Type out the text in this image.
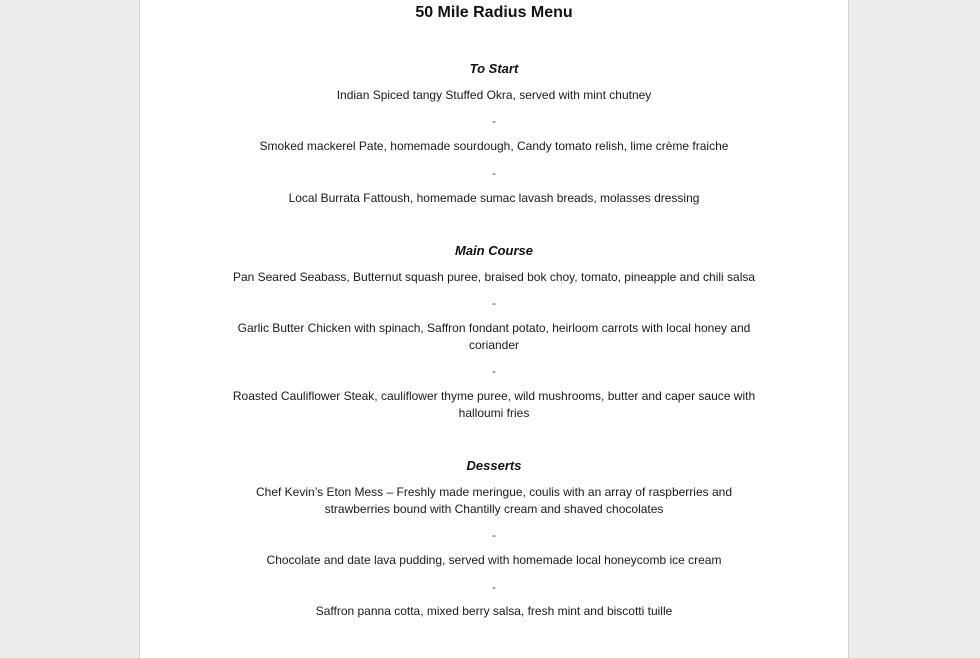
50 Mile Radius Menu
To Start
Indian Spiced tangy Stuffed Okra, served with mint chutney
-
Smoked mackerel Pate, homemade sourdough, Candy tomato relish, lime crème fraiche
-
Local Burrata Fattoush, homemade sumac lavash breads, molasses dressing
Main Course
Pan Seared Seabass, Butternut squash puree, braised bok choy, tomato, pineapple and chili salsa
-
Garlic Butter Chicken with spinach, Saffron fondant potato, heirloom carrots with local honey and coriander
-
Roasted Cauliflower Steak, cauliflower thyme puree, wild mushrooms, butter and caper sauce with halloumi fries
Desserts
Chef Kevin’s Eton Mess – Freshly made meringue, coulis with an array of raspberries and strawberries bound with Chantilly cream and shaved chocolates
-
Chocolate and date lava pudding, served with homemade local honeycomb ice cream
-
Saffron panna cotta, mixed berry salsa, fresh mint and biscotti tuille
